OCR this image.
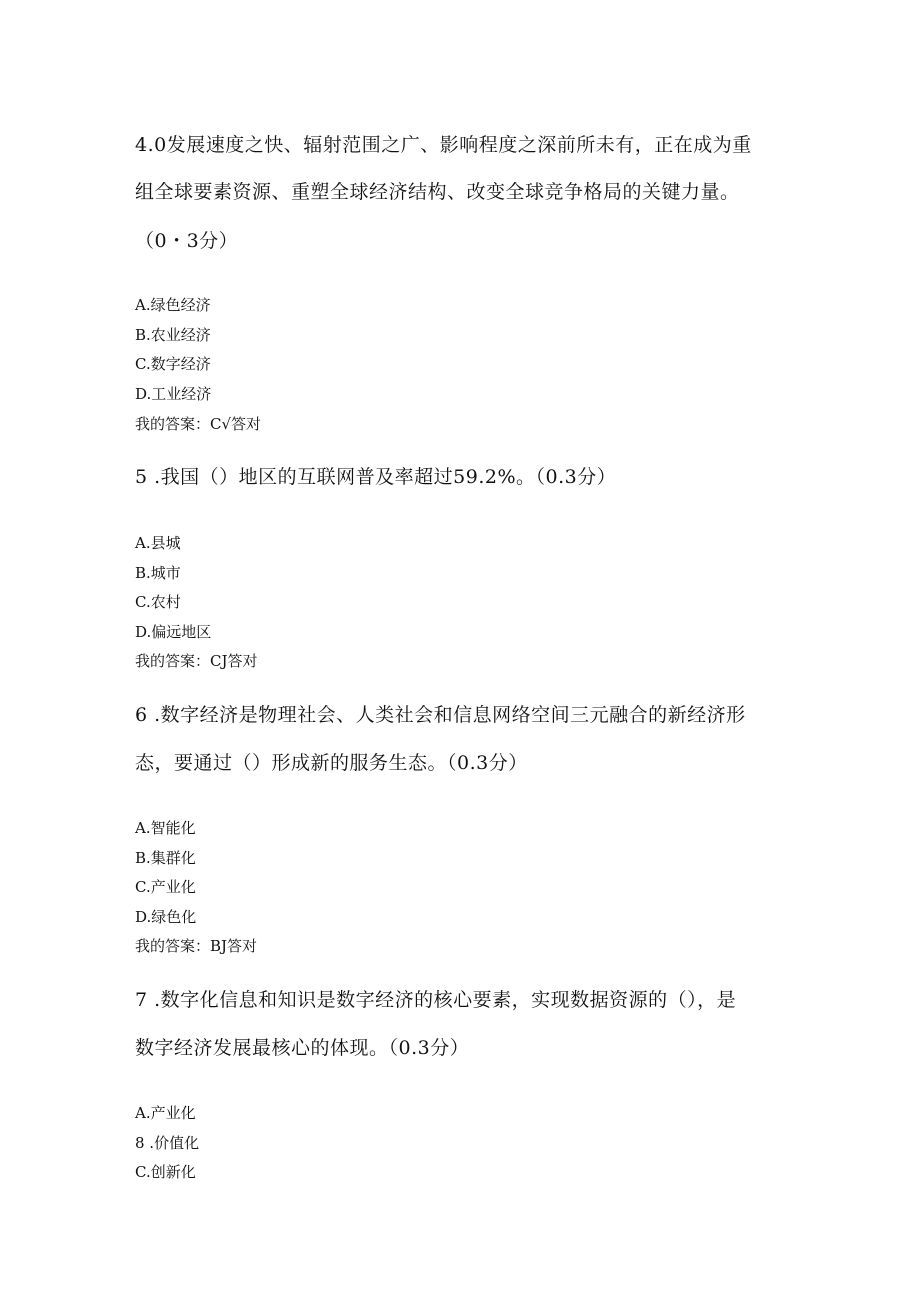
4.0发展速度之快、辐射范围之广、影响程度之深前所未有，正在成为重
组全球要素资源、重塑全球经济结构、改变全球竞争格局的关键力量。
（0・3分）
A.绿色经济
B.农业经济
C.数字经济
D.工业经济
我的答案：C√答对
5 .我国（）地区的互联网普及率超过59.2%。（0.3分）
A.县城
B.城市
C.农村
D.偏远地区
我的答案：CJ答对
6 .数字经济是物理社会、人类社会和信息网络空间三元融合的新经济形
态，要通过（）形成新的服务生态。（0.3分）
A.智能化
B.集群化
C.产业化
D.绿色化
我的答案：BJ答对
7 .数字化信息和知识是数字经济的核心要素，实现数据资源的（），是
数字经济发展最核心的体现。（0.3分）
A.产业化
8 .价值化
C.创新化
